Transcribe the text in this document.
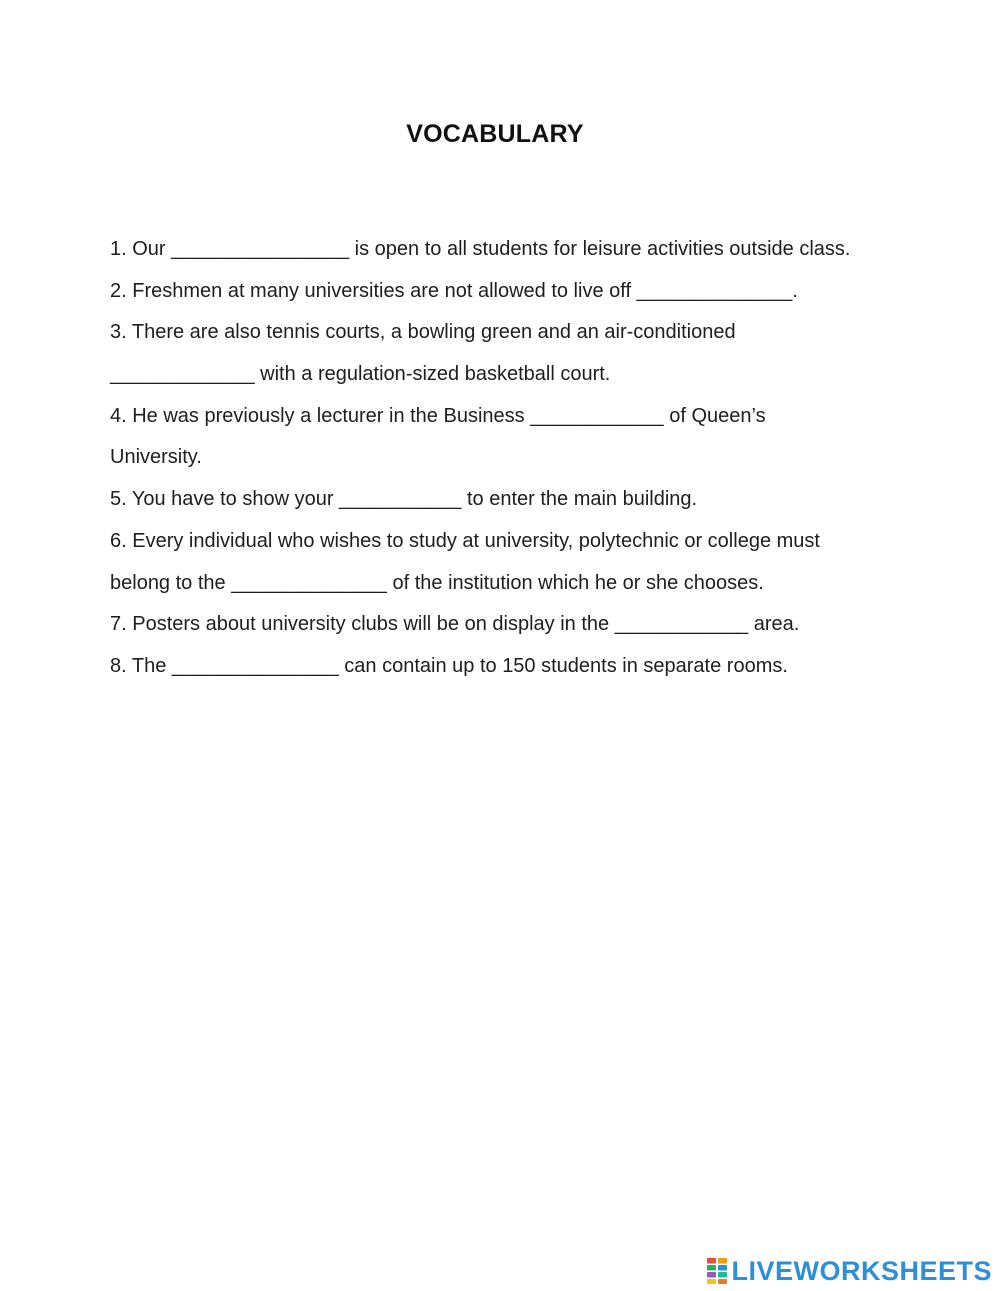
VOCABULARY
1. Our ________________ is open to all students for leisure activities outside class.
2. Freshmen at many universities are not allowed to live off ______________.
3. There are also tennis courts, a bowling green and an air-conditioned
_____________ with a regulation-sized basketball court.
4. He was previously a lecturer in the Business ____________ of Queen’s
University.
5. You have to show your ___________ to enter the main building.
6. Every individual who wishes to study at university, polytechnic or college must
belong to the ______________ of the institution which he or she chooses.
7. Posters about university clubs will be on display in the ____________ area.
8. The _______________ can contain up to 150 students in separate rooms.
LIVEWORKSHEETS
